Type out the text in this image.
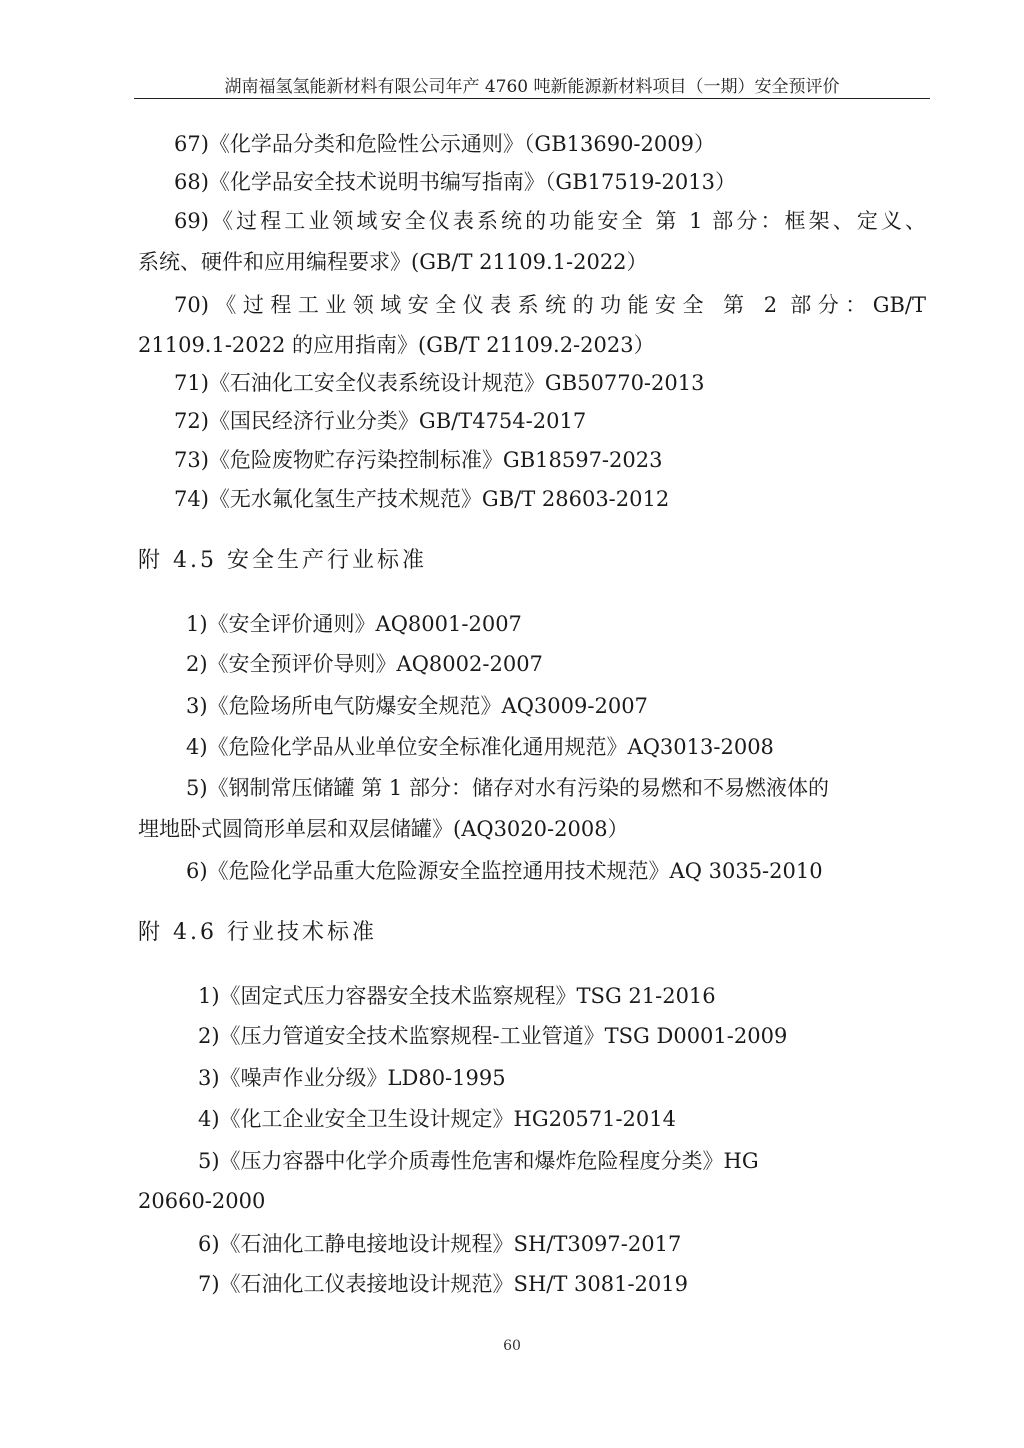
湖南福氢氢能新材料有限公司年产 4760 吨新能源新材料项目（一期）安全预评价
67)《化学品分类和危险性公示通则》（GB13690-2009）
68)《化学品安全技术说明书编写指南》（GB17519-2013）
69)《过程工业领域安全仪表系统的功能安全 第 1 部分：框架、定义、
系统、硬件和应用编程要求》(GB/T 21109.1-2022）
70)《过程工业领域安全仪表系统的功能安全 第 2 部分：GB/T
21109.1-2022 的应用指南》(GB/T 21109.2-2023）
71)《石油化工安全仪表系统设计规范》GB50770-2013
72)《国民经济行业分类》GB/T4754-2017
73)《危险废物贮存污染控制标准》GB18597-2023
74)《无水氟化氢生产技术规范》GB/T 28603-2012
附 4.5 安全生产行业标准
1)《安全评价通则》AQ8001-2007
2)《安全预评价导则》AQ8002-2007
3)《危险场所电气防爆安全规范》AQ3009-2007
4)《危险化学品从业单位安全标准化通用规范》AQ3013-2008
5)《钢制常压储罐 第 1 部分：储存对水有污染的易燃和不易燃液体的
埋地卧式圆筒形单层和双层储罐》(AQ3020-2008）
6)《危险化学品重大危险源安全监控通用技术规范》AQ 3035-2010
附 4.6 行业技术标准
1)《固定式压力容器安全技术监察规程》TSG 21-2016
2)《压力管道安全技术监察规程-工业管道》TSG D0001-2009
3)《噪声作业分级》LD80-1995
4)《化工企业安全卫生设计规定》HG20571-2014
5)《压力容器中化学介质毒性危害和爆炸危险程度分类》HG
20660-2000
6)《石油化工静电接地设计规程》SH/T3097-2017
7)《石油化工仪表接地设计规范》SH/T 3081-2019
60
